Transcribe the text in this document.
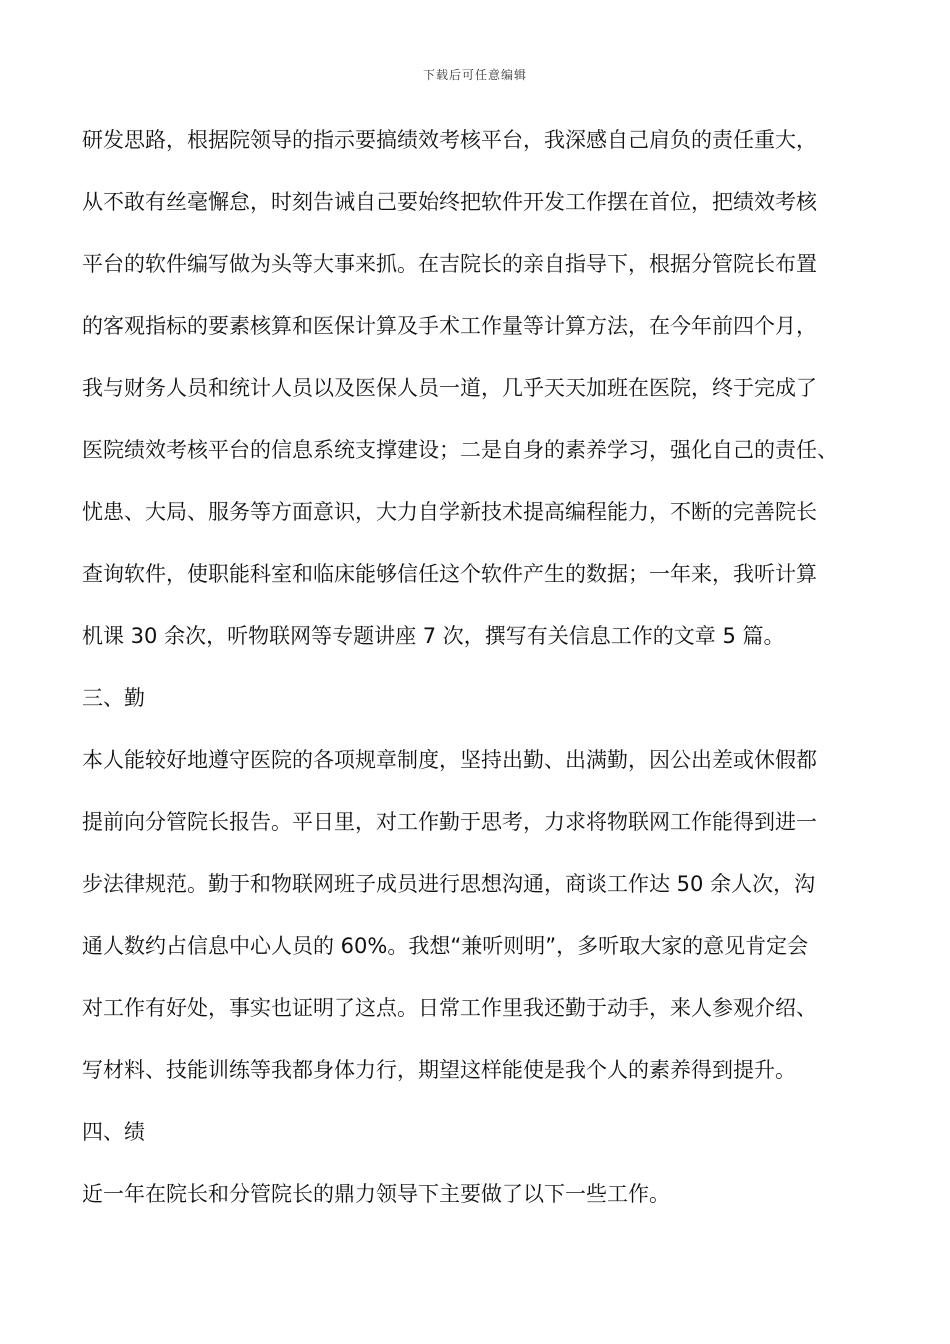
下载后可任意编辑
研发思路，根据院领导的指示要搞绩效考核平台，我深感自己肩负的责任重大，
从不敢有丝毫懈怠，时刻告诫自己要始终把软件开发工作摆在首位，把绩效考核
平台的软件编写做为头等大事来抓。在吉院长的亲自指导下，根据分管院长布置
的客观指标的要素核算和医保计算及手术工作量等计算方法，在今年前四个月，
我与财务人员和统计人员以及医保人员一道，几乎天天加班在医院，终于完成了
医院绩效考核平台的信息系统支撑建设；二是自身的素养学习，强化自己的责任、
忧患、大局、服务等方面意识，大力自学新技术提高编程能力，不断的完善院长
查询软件，使职能科室和临床能够信任这个软件产生的数据；一年来，我听计算
机课 30 余次，听物联网等专题讲座 7 次，撰写有关信息工作的文章 5 篇。
三、勤
本人能较好地遵守医院的各项规章制度，坚持出勤、出满勤，因公出差或休假都
提前向分管院长报告。平日里，对工作勤于思考，力求将物联网工作能得到进一
步法律规范。勤于和物联网班子成员进行思想沟通，商谈工作达 50 余人次，沟
通人数约占信息中心人员的 60%。我想“兼听则明”，多听取大家的意见肯定会
对工作有好处，事实也证明了这点。日常工作里我还勤于动手，来人参观介绍、
写材料、技能训练等我都身体力行，期望这样能使是我个人的素养得到提升。
四、绩
近一年在院长和分管院长的鼎力领导下主要做了以下一些工作。
